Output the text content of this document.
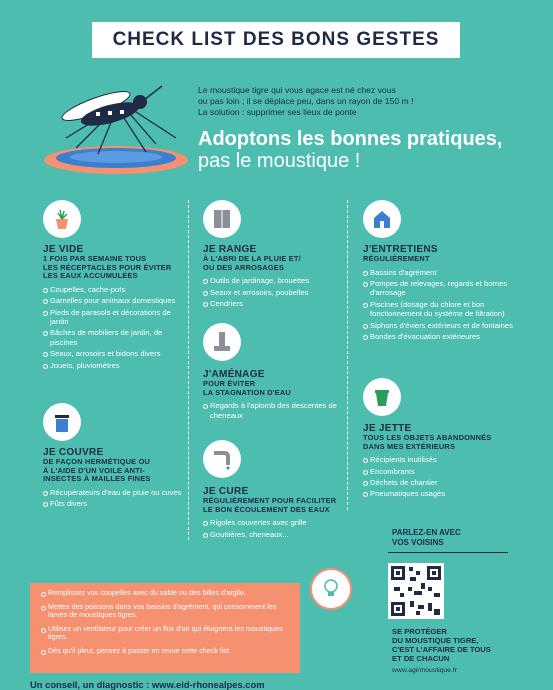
CHECK LIST DES BONS GESTES
Le moustique tigre qui vous agace est né chez vous
ou pas loin ; il se déplace peu, dans un rayon de 150 m !
La solution : supprimer ses lieux de ponte
Adoptons les bonnes pratiques,
pas le moustique !
JE VIDE
1 FOIS PAR SEMAINE TOUS
LES RÉCEPTACLES POUR ÉVITER
LES EAUX ACCUMULÉES
Coupelles, cache-pots
Gamelles pour animaux domestiques
Pieds de parasols et décorations de jardin
Bâches de mobiliers de jardin, de piscines
Seaux, arrosoirs et bidons divers
Jouets, pluviomètres
JE COUVRE
DE FAÇON HERMÉTIQUE OU
À L'AIDE D'UN VOILE ANTI-
INSECTES À MAILLES FINES
Récupérateurs d'eau de pluie ou cuves
Fûts divers
JE RANGE
À L'ABRI DE LA PLUIE ET/
OU DES ARROSAGES
Outils de jardinage, brouettes
Seaux et arrosoirs, poubelles
Cendriers
J'AMÉNAGE
POUR ÉVITER
LA STAGNATION D'EAU
Regards à l'aplomb des descentes de cheneaux
JE CURE
RÉGULIÈREMENT POUR FACILITER
LE BON ÉCOULEMENT DES EAUX
Rigoles couvertes avec grille
Gouttières, cheneaux...
J'ENTRETIENS
RÉGULIÈREMENT
Bassins d'agrément
Pompes de relevages, regards et bornes d'arrosage
Piscines (dosage du chlore et bon fonctionnement du système de filtration)
Siphons d'éviers extérieurs et de fontaines
Bondes d'évacuation extérieures
JE JETTE
TOUS LES OBJETS ABANDONNÉS
DANS MES EXTÉRIEURS
Récipients inutilisés
Encombrants
Déchets de chantier
Pneumatiques usagés
Remplissez vos coupelles avec du sable ou des billes d'argile.
Mettez des poissons dans vos bassins d'agrément, qui consomment les larves de moustiques tigres.
Utilisez un ventilateur pour créer un flux d'air qui éloignera les moustiques tigres.
Dès qu'il pleut, pensez à passer en revue cette check list.
PARLEZ-EN AVEC
VOS VOISINS
SE PROTÉGER
DU MOUSTIQUE TIGRE,
C'EST L'AFFAIRE DE TOUS
ET DE CHACUN
www.agirmoustique.fr
Un conseil, un diagnostic : www.eid-rhonealpes.com
